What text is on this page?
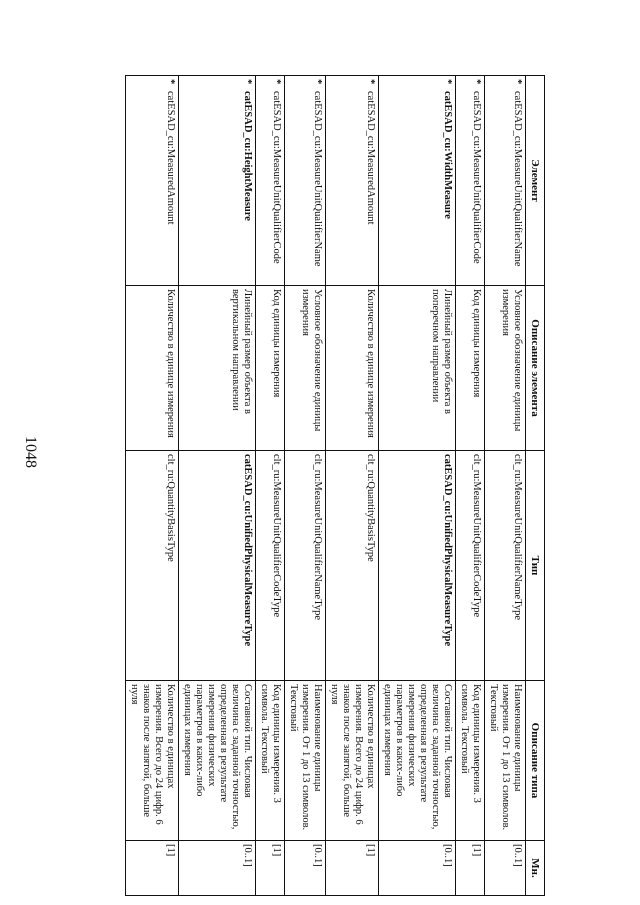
1048
Элемент	Описание элемента	Тип	Описание типа	Мн.

*
catESAD_cu:MeasureUnitQualifierName	Условное обозначение единицы измерения	clt_ru:MeasureUnitQualifierNameType	Наименование единицы измерения. От 1 до 13 символов. Текстовый	[0..1]

*
catESAD_cu:MeasureUnitQualifierCode	Код единицы измерения	clt_ru:MeasureUnitQualifierCodeType	Код единицы измерения. 3 символа. Текстовый	[1]

*
catESAD_cu:WidthMeasure	Линейный размер объекта в поперечном направлении	catESAD_cu:UnifiedPhysicalMeasureType	Составной тип. Числовая величина с заданной точностью, определенная в результате измерения физических параметров в каких-либо единицах измерения	[0..1]

*
catESAD_cu:MeasuredAmount	Количество в единице измерения	clt_ru:QuantityBasisType	Количество в единицах измерения. Всего до 24 цифр. 6 знаков после запятой, больше нуля	[1]

*
catESAD_cu:MeasureUnitQualifierName	Условное обозначение единицы измерения	clt_ru:MeasureUnitQualifierNameType	Наименование единицы измерения. От 1 до 13 символов. Текстовый	[0..1]

*
catESAD_cu:MeasureUnitQualifierCode	Код единицы измерения	clt_ru:MeasureUnitQualifierCodeType	Код единицы измерения. 3 символа. Текстовый	[1]

*
catESAD_cu:HeightMeasure	Линейный размер объекта в вертикальном направлении	catESAD_cu:UnifiedPhysicalMeasureType	Составной тип. Числовая величина с заданной точностью, определенная в результате измерения физических параметров в каких-либо единицах измерения	[0..1]

*
catESAD_cu:MeasuredAmount	Количество в единице измерения	clt_ru:QuantityBasisType	Количество в единицах измерения. Всего до 24 цифр. 6 знаков после запятой, больше нуля	[1]
